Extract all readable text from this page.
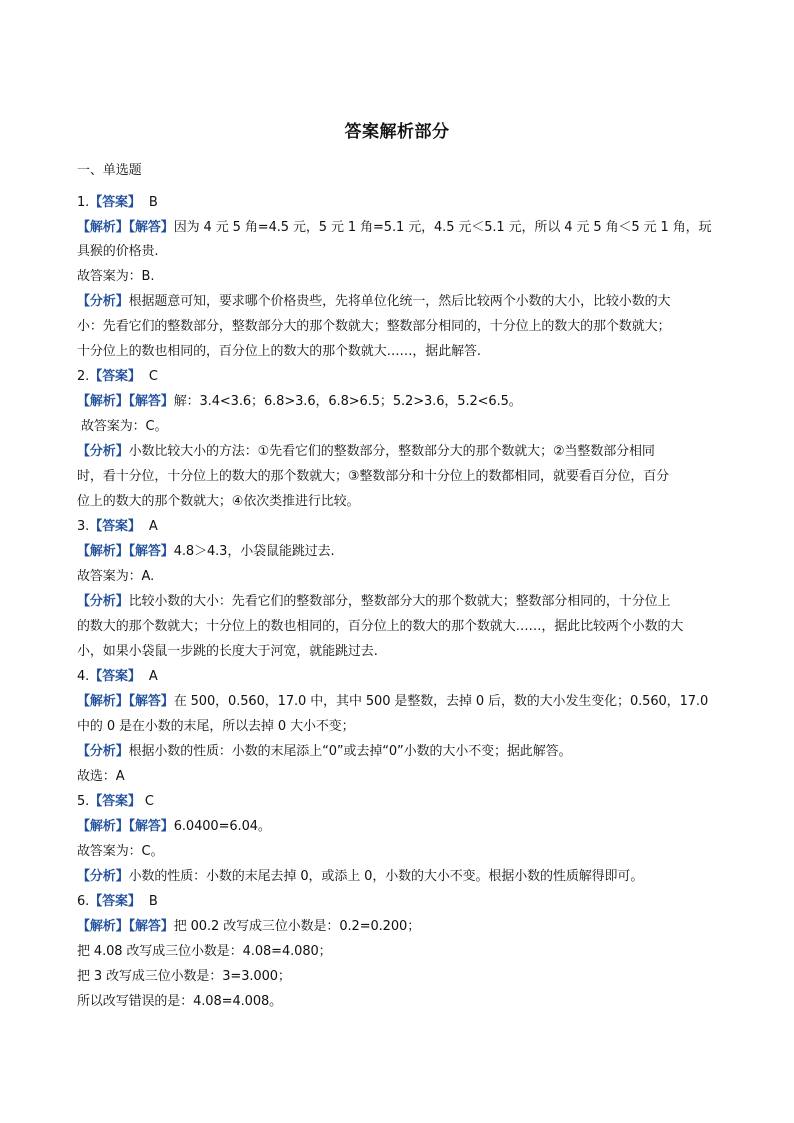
答案解析部分
一、单选题
1.【答案】  B
【解析】【解答】因为 4 元 5 角=4.5 元，5 元 1 角=5.1 元，4.5 元＜5.1 元，所以 4 元 5 角＜5 元 1 角，玩
具猴的价格贵.
故答案为：B.
【分析】根据题意可知，要求哪个价格贵些，先将单位化统一，然后比较两个小数的大小，比较小数的大
小：先看它们的整数部分，整数部分大的那个数就大；整数部分相同的，十分位上的数大的那个数就大；
十分位上的数也相同的，百分位上的数大的那个数就大……，据此解答.
2.【答案】  C
【解析】【解答】解：3.4<3.6；6.8>3.6，6.8>6.5；5.2>3.6，5.2<6.5。
故答案为：C。
【分析】小数比较大小的方法：①先看它们的整数部分，整数部分大的那个数就大；②当整数部分相同
时，看十分位，十分位上的数大的那个数就大；③整数部分和十分位上的数都相同，就要看百分位，百分
位上的数大的那个数就大；④依次类推进行比较。
3.【答案】  A
【解析】【解答】4.8＞4.3，小袋鼠能跳过去.
故答案为：A.
【分析】比较小数的大小：先看它们的整数部分，整数部分大的那个数就大；整数部分相同的，十分位上
的数大的那个数就大；十分位上的数也相同的，百分位上的数大的那个数就大……，据此比较两个小数的大
小，如果小袋鼠一步跳的长度大于河宽，就能跳过去.
4.【答案】  A
【解析】【解答】在 500，0.560，17.0 中，其中 500 是整数，去掉 0 后，数的大小发生变化；0.560，17.0
中的 0 是在小数的末尾，所以去掉 0 大小不变；
【分析】根据小数的性质：小数的末尾添上“0”或去掉“0”小数的大小不变；据此解答。
故选：A
5.【答案】 C
【解析】【解答】6.0400=6.04。
故答案为：C。
【分析】小数的性质：小数的末尾去掉 0，或添上 0，小数的大小不变。根据小数的性质解得即可。
6.【答案】  B
【解析】【解答】把 00.2 改写成三位小数是：0.2=0.200；
把 4.08 改写成三位小数是：4.08=4.080；
把 3 改写成三位小数是：3=3.000；
所以改写错误的是：4.08=4.008。
